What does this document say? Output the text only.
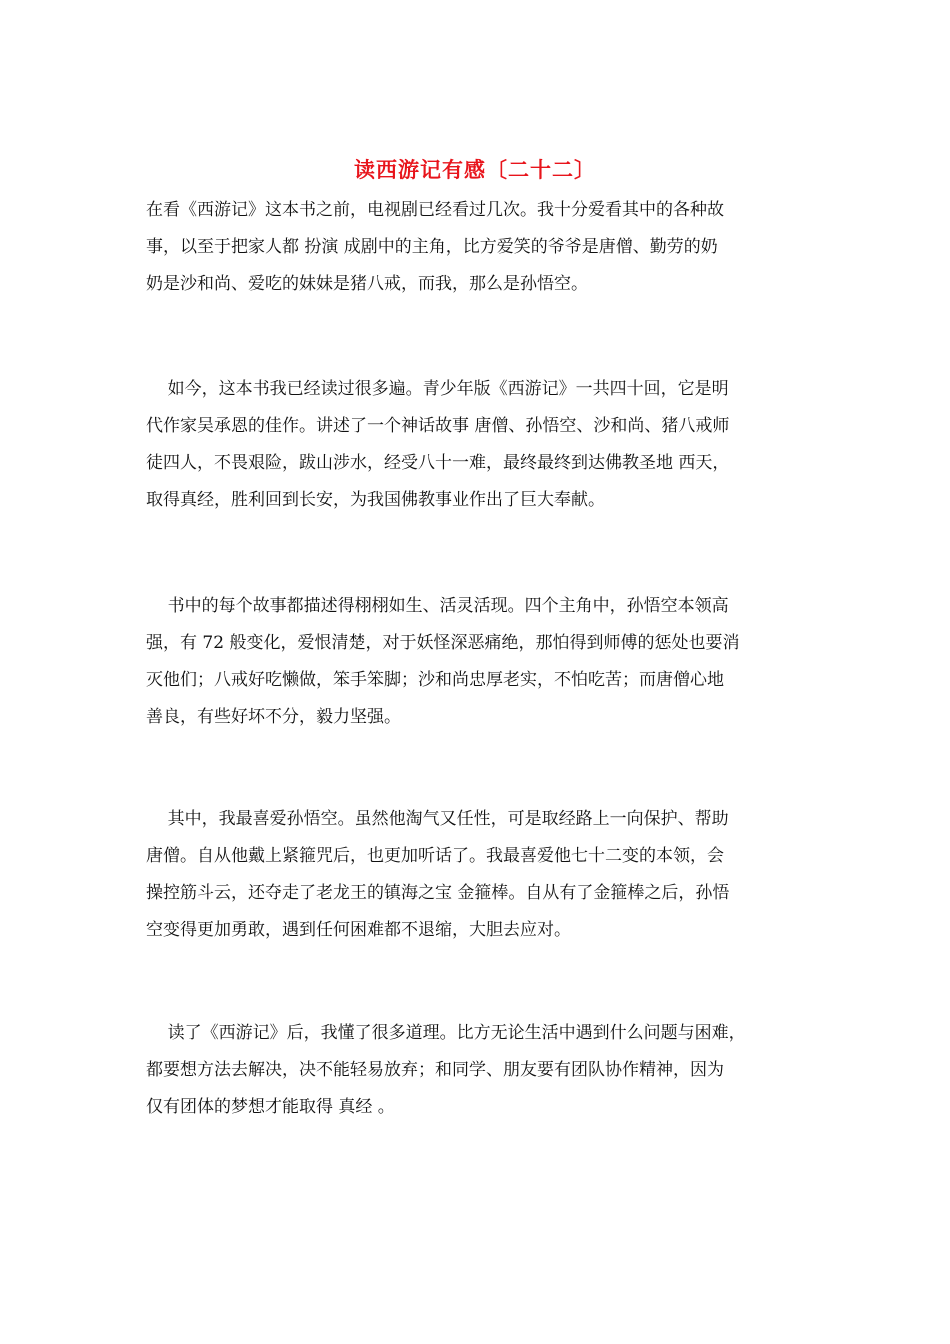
读西游记有感〔二十二〕
在看《西游记》这本书之前，电视剧已经看过几次。我十分爱看其中的各种故
事，以至于把家人都 扮演 成剧中的主角，比方爱笑的爷爷是唐僧、勤劳的奶
奶是沙和尚、爱吃的妹妹是猪八戒，而我，那么是孙悟空。
如今，这本书我已经读过很多遍。青少年版《西游记》一共四十回，它是明
代作家吴承恩的佳作。讲述了一个神话故事 唐僧、孙悟空、沙和尚、猪八戒师
徒四人，不畏艰险，跋山涉水，经受八十一难，最终最终到达佛教圣地 西天，
取得真经，胜利回到长安，为我国佛教事业作出了巨大奉献。
书中的每个故事都描述得栩栩如生、活灵活现。四个主角中，孙悟空本领高
强，有 72 般变化，爱恨清楚，对于妖怪深恶痛绝，那怕得到师傅的惩处也要消
灭他们；八戒好吃懒做，笨手笨脚；沙和尚忠厚老实，不怕吃苦；而唐僧心地
善良，有些好坏不分，毅力坚强。
其中，我最喜爱孙悟空。虽然他淘气又任性，可是取经路上一向保护、帮助
唐僧。自从他戴上紧箍咒后，也更加听话了。我最喜爱他七十二变的本领，会
操控筋斗云，还夺走了老龙王的镇海之宝 金箍棒。自从有了金箍棒之后，孙悟
空变得更加勇敢，遇到任何困难都不退缩，大胆去应对。
读了《西游记》后，我懂了很多道理。比方无论生活中遇到什么问题与困难，
都要想方法去解决，决不能轻易放弃；和同学、朋友要有团队协作精神，因为
仅有团体的梦想才能取得 真经 。
